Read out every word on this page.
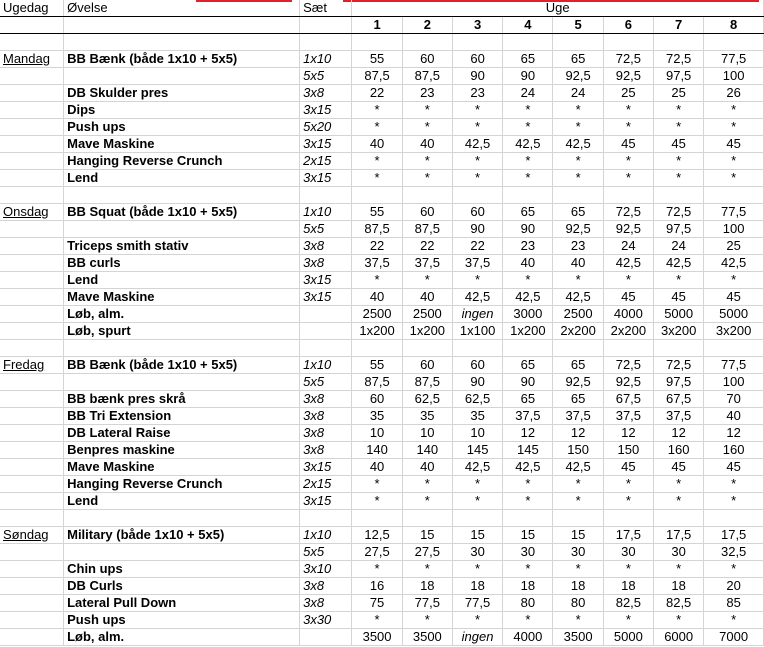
Ugedag	Øvelse	Sæt	Uge							
			1	2	3	4	5	6	7	8

Mandag	BB Bænk (både 1x10 + 5x5)	1x10	55	60	60	65	65	72,5	72,5	77,5
		5x5	87,5	87,5	90	90	92,5	92,5	97,5	100
	DB Skulder pres	3x8	22	23	23	24	24	25	25	26
	Dips	3x15	*	*	*	*	*	*	*	*
	Push ups	5x20	*	*	*	*	*	*	*	*
	Mave Maskine	3x15	40	40	42,5	42,5	42,5	45	45	45
	Hanging Reverse Crunch	2x15	*	*	*	*	*	*	*	*
	Lend	3x15	*	*	*	*	*	*	*	*

Onsdag	BB Squat (både 1x10 + 5x5)	1x10	55	60	60	65	65	72,5	72,5	77,5
		5x5	87,5	87,5	90	90	92,5	92,5	97,5	100
	Triceps smith stativ	3x8	22	22	22	23	23	24	24	25
	BB curls	3x8	37,5	37,5	37,5	40	40	42,5	42,5	42,5
	Lend	3x15	*	*	*	*	*	*	*	*
	Mave Maskine	3x15	40	40	42,5	42,5	42,5	45	45	45
	Løb, alm.		2500	2500	ingen	3000	2500	4000	5000	5000
	Løb, spurt		1x200	1x200	1x100	1x200	2x200	2x200	3x200	3x200

Fredag	BB Bænk (både 1x10 + 5x5)	1x10	55	60	60	65	65	72,5	72,5	77,5
		5x5	87,5	87,5	90	90	92,5	92,5	97,5	100
	BB bænk pres skrå	3x8	60	62,5	62,5	65	65	67,5	67,5	70
	BB Tri Extension	3x8	35	35	35	37,5	37,5	37,5	37,5	40
	DB Lateral Raise	3x8	10	10	10	12	12	12	12	12
	Benpres maskine	3x8	140	140	145	145	150	150	160	160
	Mave Maskine	3x15	40	40	42,5	42,5	42,5	45	45	45
	Hanging Reverse Crunch	2x15	*	*	*	*	*	*	*	*
	Lend	3x15	*	*	*	*	*	*	*	*

Søndag	Military (både 1x10 + 5x5)	1x10	12,5	15	15	15	15	17,5	17,5	17,5
		5x5	27,5	27,5	30	30	30	30	30	32,5
	Chin ups	3x10	*	*	*	*	*	*	*	*
	DB Curls	3x8	16	18	18	18	18	18	18	20
	Lateral Pull Down	3x8	75	77,5	77,5	80	80	82,5	82,5	85
	Push ups	3x30	*	*	*	*	*	*	*	*
	Løb, alm.		3500	3500	ingen	4000	3500	5000	6000	7000
